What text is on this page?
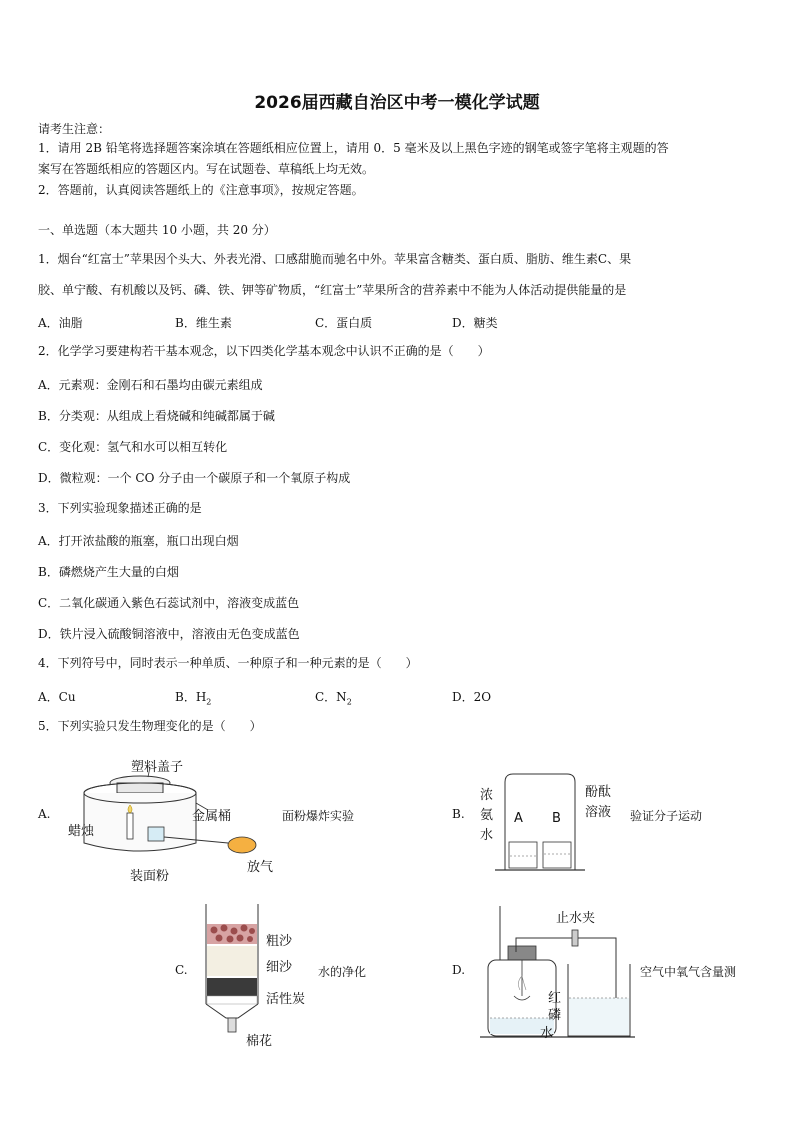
2026届西藏自治区中考一模化学试题
请考生注意：
1．请用 2B 铅笔将选择题答案涂填在答题纸相应位置上，请用 0．5 毫米及以上黑色字迹的钢笔或签字笔将主观题的答
案写在答题纸相应的答题区内。写在试题卷、草稿纸上均无效。
2．答题前，认真阅读答题纸上的《注意事项》，按规定答题。
一、单选题（本大题共 10 小题，共 20 分）
1．烟台“红富士”苹果因个头大、外表光滑、口感甜脆而驰名中外。苹果富含糖类、蛋白质、脂肪、维生素C、果
胶、单宁酸、有机酸以及钙、磷、铁、钾等矿物质，“红富士”苹果所含的营养素中不能为人体活动提供能量的是
A．油脂	B．维生素	C．蛋白质	D．糖类
2．化学学习要建构若干基本观念，以下四类化学基本观念中认识不正确的是（　　）
A．元素观：金刚石和石墨均由碳元素组成
B．分类观：从组成上看烧碱和纯碱都属于碱
C．变化观：氢气和水可以相互转化
D．微粒观：一个 CO 分子由一个碳原子和一个氧原子构成
3．下列实验现象描述正确的是
A．打开浓盐酸的瓶塞，瓶口出现白烟
B．磷燃烧产生大量的白烟
C．二氧化碳通入紫色石蕊试剂中，溶液变成蓝色
D．铁片浸入硫酸铜溶液中，溶液由无色变成蓝色
4．下列符号中，同时表示一种单质、一种原子和一种元素的是（　　）
A．Cu	B．$H_2$	C．$N_2$	D．2O
5．下列实验只发生物理变化的是（　　）
A.
塑料盖子
金属桶
蜡烛
装面粉
放气
面粉爆炸实验	B.
浓
氨
水
酚酞
溶液
A B	验证分子运动
C.
粗沙
细沙
活性炭
棉花
水的净化	D.
止水夹
红
磷
水
空气中氧气含量测
